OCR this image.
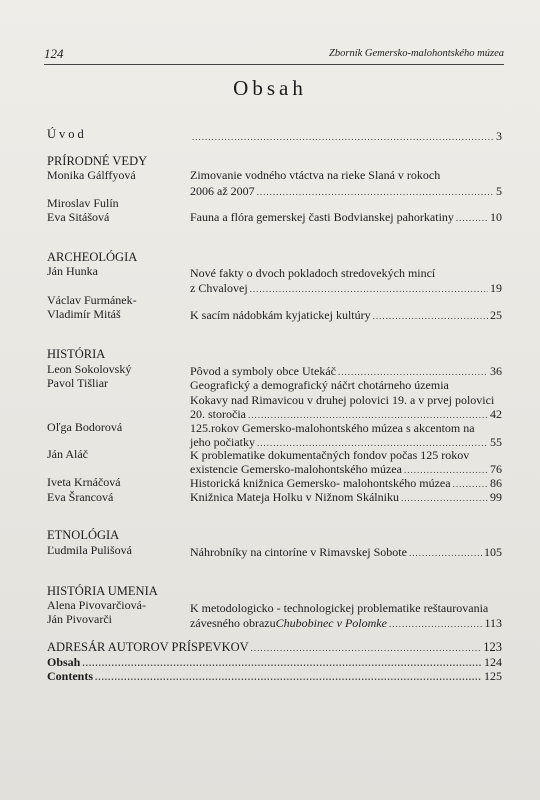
124	Zborník Gemersko-malohontského múzea
Obsah
Úvod .....	3
PRÍRODNÉ VEDY
Monika Gálffyová	Zimovanie vodného vtáctva na rieke Slaná v rokoch
2006 až 2007 .....	5
Miroslav Fulín
Eva Sitášová	Fauna a flóra gemerskej časti Bodvianskej pahorkatiny .....	10
ARCHEOLÓGIA
Ján Hunka	Nové fakty o dvoch pokladoch stredovekých mincí
z Chvalovej .....	19
Václav Furmánek-
Vladimír Mitáš	K sacím nádobkám kyjatickej kultúry .....	25
HISTÓRIA
Leon Sokolovský	Pôvod a symboly obce Utekáč .....	36
Pavol Tišliar	Geografický a demografický náčrt chotárneho územia
Kokavy nad Rimavicou v druhej polovici 19. a v prvej polovici
20. storočia .....	42
Oľga Bodorová	125.rokov Gemersko-malohontského múzea s akcentom na
jeho počiatky .....	55
Ján Aláč	K problematike dokumentačných fondov počas 125 rokov
existencie Gemersko-malohontského múzea .....	76
Iveta Krnáčová	Historická knižnica Gemersko- malohontského múzea .....	86
Eva Šrancová	Knižnica Mateja Holku v Nižnom Skálniku .....	99
ETNOLÓGIA
Ľudmila Pulišová	Náhrobníky na cintoríne v Rimavskej Sobote .....	105
HISTÓRIA UMENIA
Alena Pivovarčiová-	K metodologicko - technologickej problematike reštaurovania
Ján Pivovarči	závesného obrazu Chubobinec v Polomke .....	113
ADRESÁR AUTOROV PRÍSPEVKOV .....	123
Obsah .....	124
Contents .....	125
